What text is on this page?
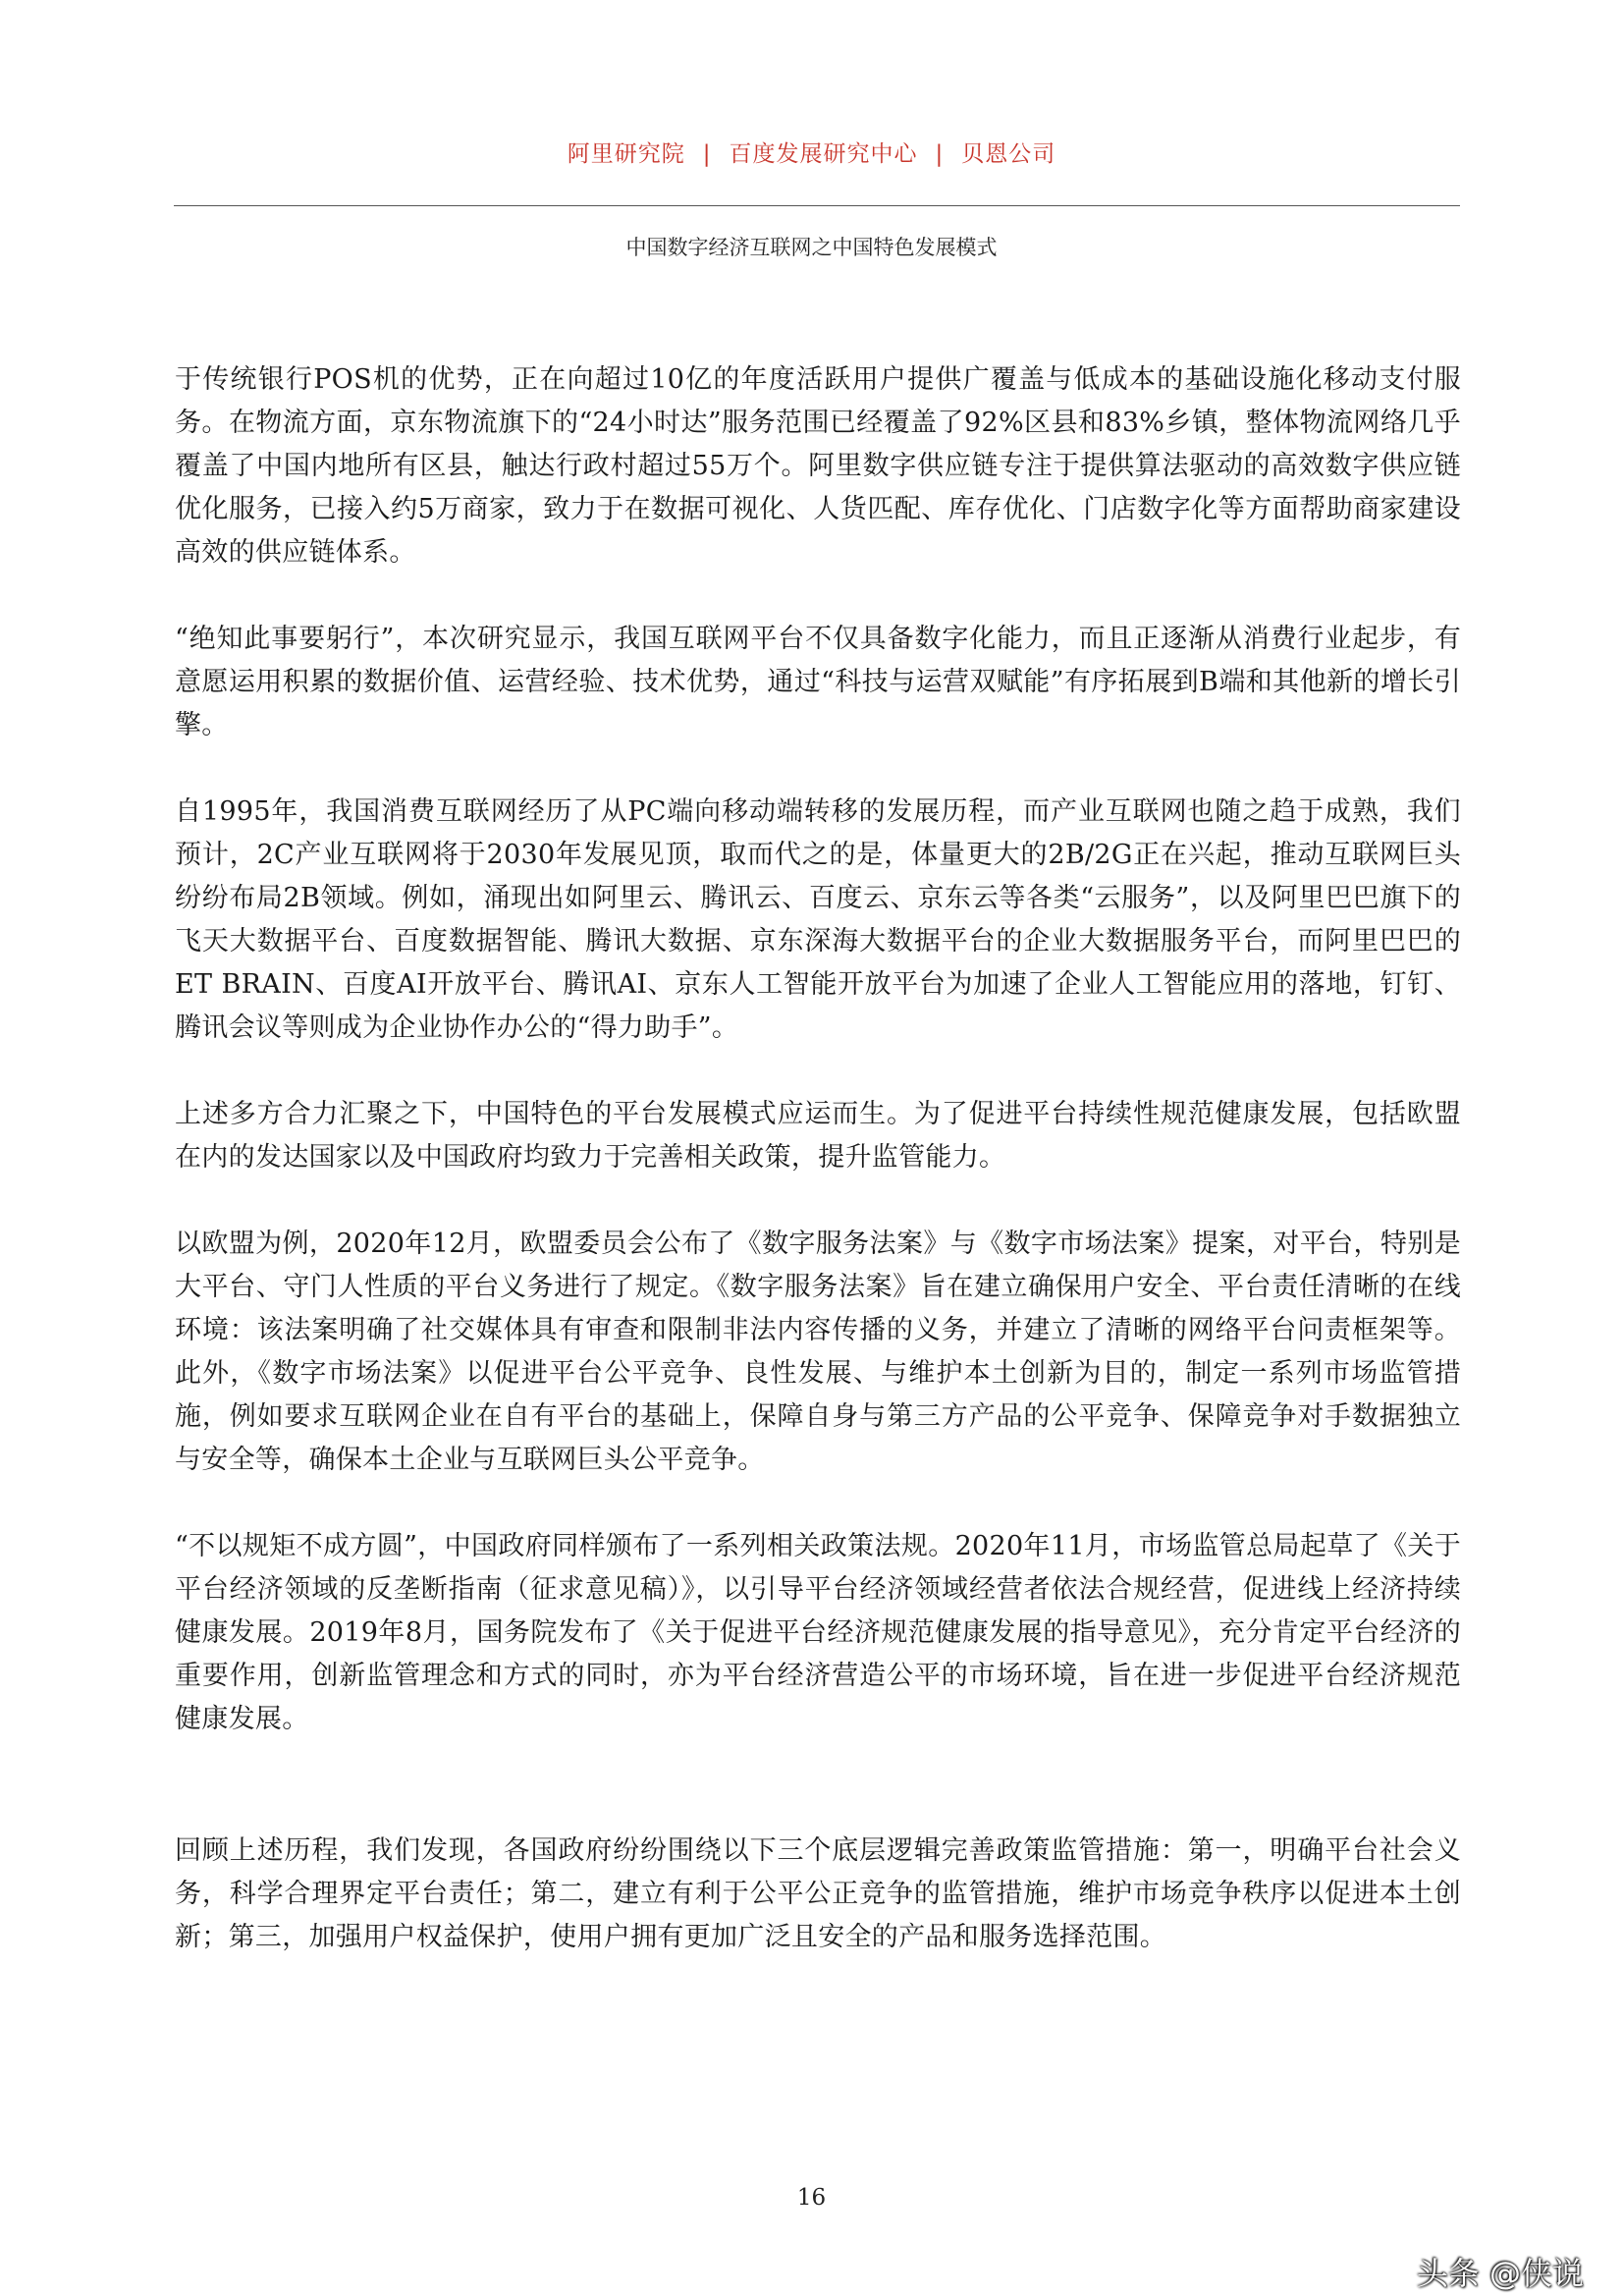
阿里研究院 | 百度发展研究中心 | 贝恩公司
中国数字经济互联网之中国特色发展模式

于传统银行POS机的优势，正在向超过10亿的年度活跃用户提供广覆盖与低成本的基础设施化移动支付服务。在物流方面，京东物流旗下的“24小时达”服务范围已经覆盖了92%区县和83%乡镇，整体物流网络几乎覆盖了中国内地所有区县，触达行政村超过55万个。阿里数字供应链专注于提供算法驱动的高效数字供应链优化服务，已接入约5万商家，致力于在数据可视化、人货匹配、库存优化、门店数字化等方面帮助商家建设高效的供应链体系。

“绝知此事要躬行”，本次研究显示，我国互联网平台不仅具备数字化能力，而且正逐渐从消费行业起步，有意愿运用积累的数据价值、运营经验、技术优势，通过“科技与运营双赋能”有序拓展到B端和其他新的增长引擎。

自1995年，我国消费互联网经历了从PC端向移动端转移的发展历程，而产业互联网也随之趋于成熟，我们预计，2C产业互联网将于2030年发展见顶，取而代之的是，体量更大的2B/2G正在兴起，推动互联网巨头纷纷布局2B领域。例如，涌现出如阿里云、腾讯云、百度云、京东云等各类“云服务”，以及阿里巴巴旗下的飞天大数据平台、百度数据智能、腾讯大数据、京东深海大数据平台的企业大数据服务平台，而阿里巴巴的ET BRAIN、百度AI开放平台、腾讯AI、京东人工智能开放平台为加速了企业人工智能应用的落地，钉钉、腾讯会议等则成为企业协作办公的“得力助手”。

上述多方合力汇聚之下，中国特色的平台发展模式应运而生。为了促进平台持续性规范健康发展，包括欧盟在内的发达国家以及中国政府均致力于完善相关政策，提升监管能力。

以欧盟为例，2020年12月，欧盟委员会公布了《数字服务法案》与《数字市场法案》提案，对平台，特别是大平台、守门人性质的平台义务进行了规定。《数字服务法案》旨在建立确保用户安全、平台责任清晰的在线环境：该法案明确了社交媒体具有审查和限制非法内容传播的义务，并建立了清晰的网络平台问责框架等。此外，《数字市场法案》以促进平台公平竞争、良性发展、与维护本土创新为目的，制定一系列市场监管措施，例如要求互联网企业在自有平台的基础上，保障自身与第三方产品的公平竞争、保障竞争对手数据独立与安全等，确保本土企业与互联网巨头公平竞争。

“不以规矩不成方圆”，中国政府同样颁布了一系列相关政策法规。2020年11月，市场监管总局起草了《关于平台经济领域的反垄断指南（征求意见稿）》，以引导平台经济领域经营者依法合规经营，促进线上经济持续健康发展。2019年8月，国务院发布了《关于促进平台经济规范健康发展的指导意见》，充分肯定平台经济的重要作用，创新监管理念和方式的同时，亦为平台经济营造公平的市场环境，旨在进一步促进平台经济规范健康发展。

回顾上述历程，我们发现，各国政府纷纷围绕以下三个底层逻辑完善政策监管措施：第一，明确平台社会义务，科学合理界定平台责任；第二，建立有利于公平公正竞争的监管措施，维护市场竞争秩序以促进本土创新；第三，加强用户权益保护，使用户拥有更加广泛且安全的产品和服务选择范围。

16
头条 @侠说
